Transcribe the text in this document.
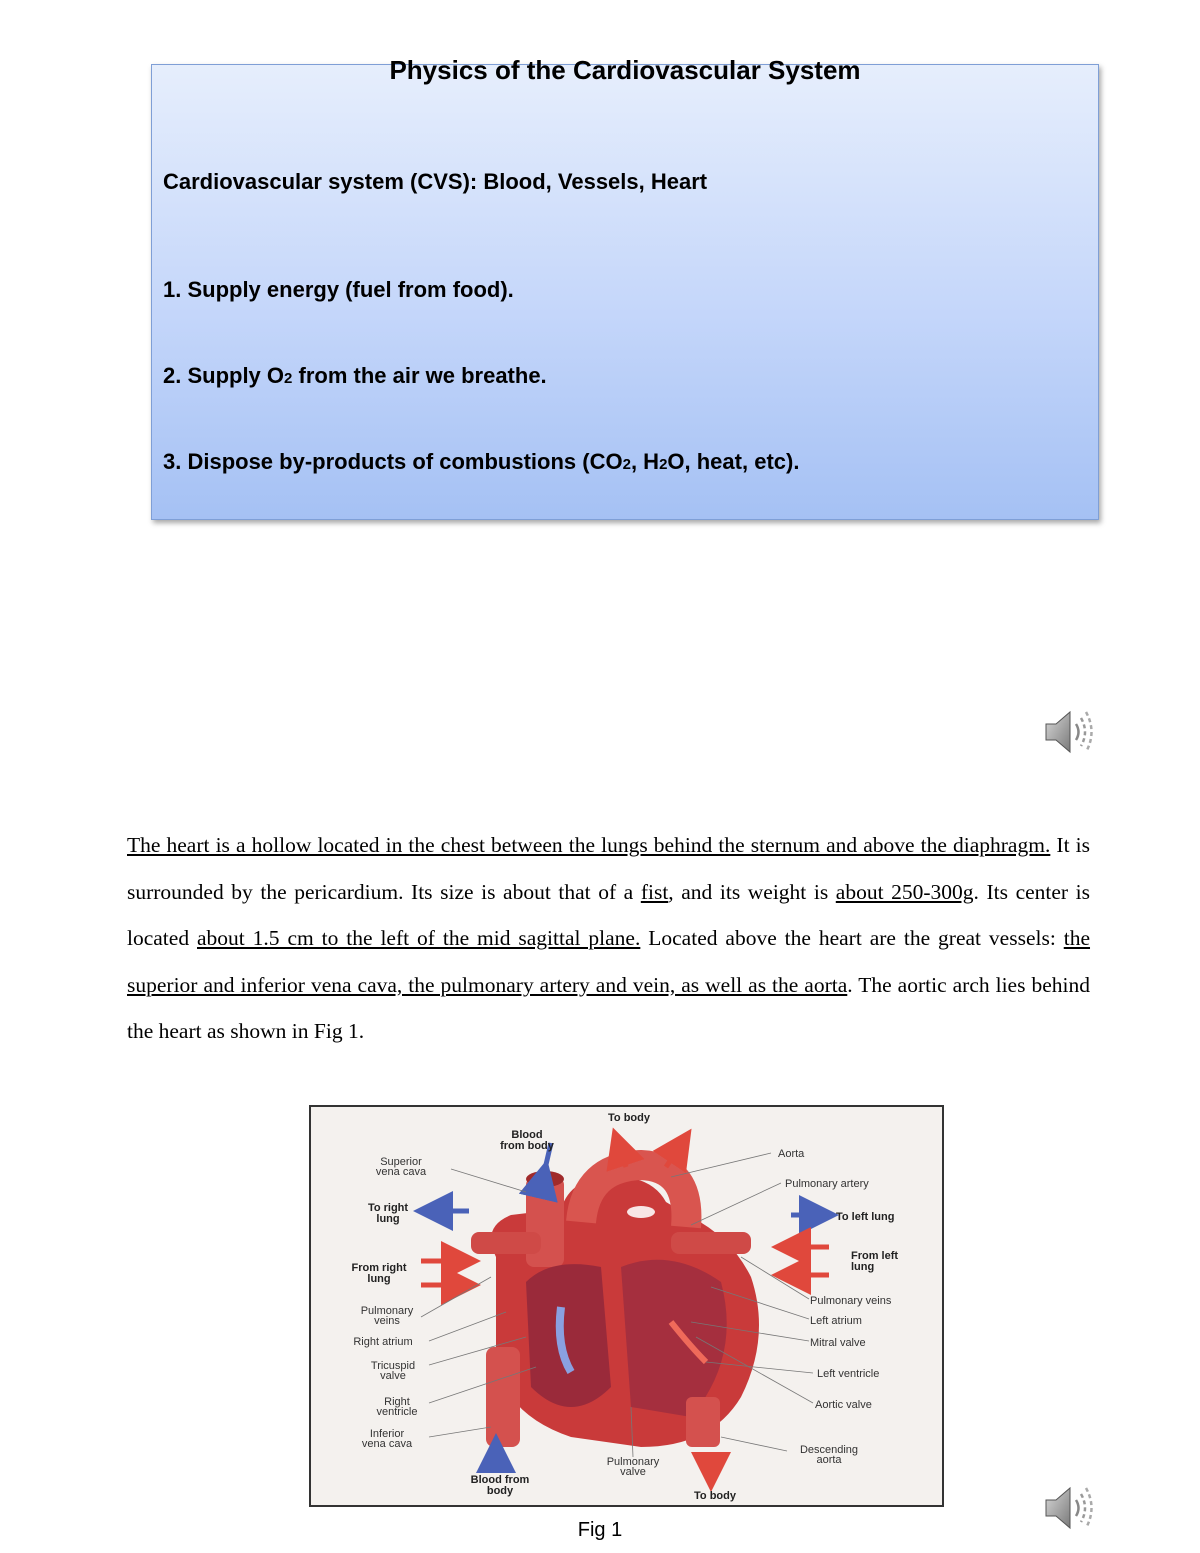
Physics of the Cardiovascular System
Cardiovascular system (CVS): Blood, Vessels, Heart
1. Supply energy (fuel from food).
2. Supply O2 from the air we breathe.
3. Dispose by-products of combustions (CO2, H2O, heat, etc).
The heart is a hollow located in the chest between the lungs behind the sternum and above the diaphragm. It is surrounded by the pericardium. Its size is about that of a fist, and its weight is about 250-300g. Its center is located about 1.5 cm to the left of the mid sagittal plane. Located above the heart are the great vessels: the superior and inferior vena cava, the pulmonary artery and vein, as well as the aorta. The aortic arch lies behind the heart as shown in Fig 1.
To body
Blood
from body
Superior
vena cava
Aorta
Pulmonary artery
To right
lung	To left lung
From right
lung
From left
lung
Pulmonary
veins
Pulmonary veins
Right atrium
Left atrium
Tricuspid
valve
Mitral valve
Right
ventricle
Left ventricle
Aortic valve
Inferior
vena cava	Descending
aorta
Pulmonary
valve
Blood from
body	To body
Fig 1
